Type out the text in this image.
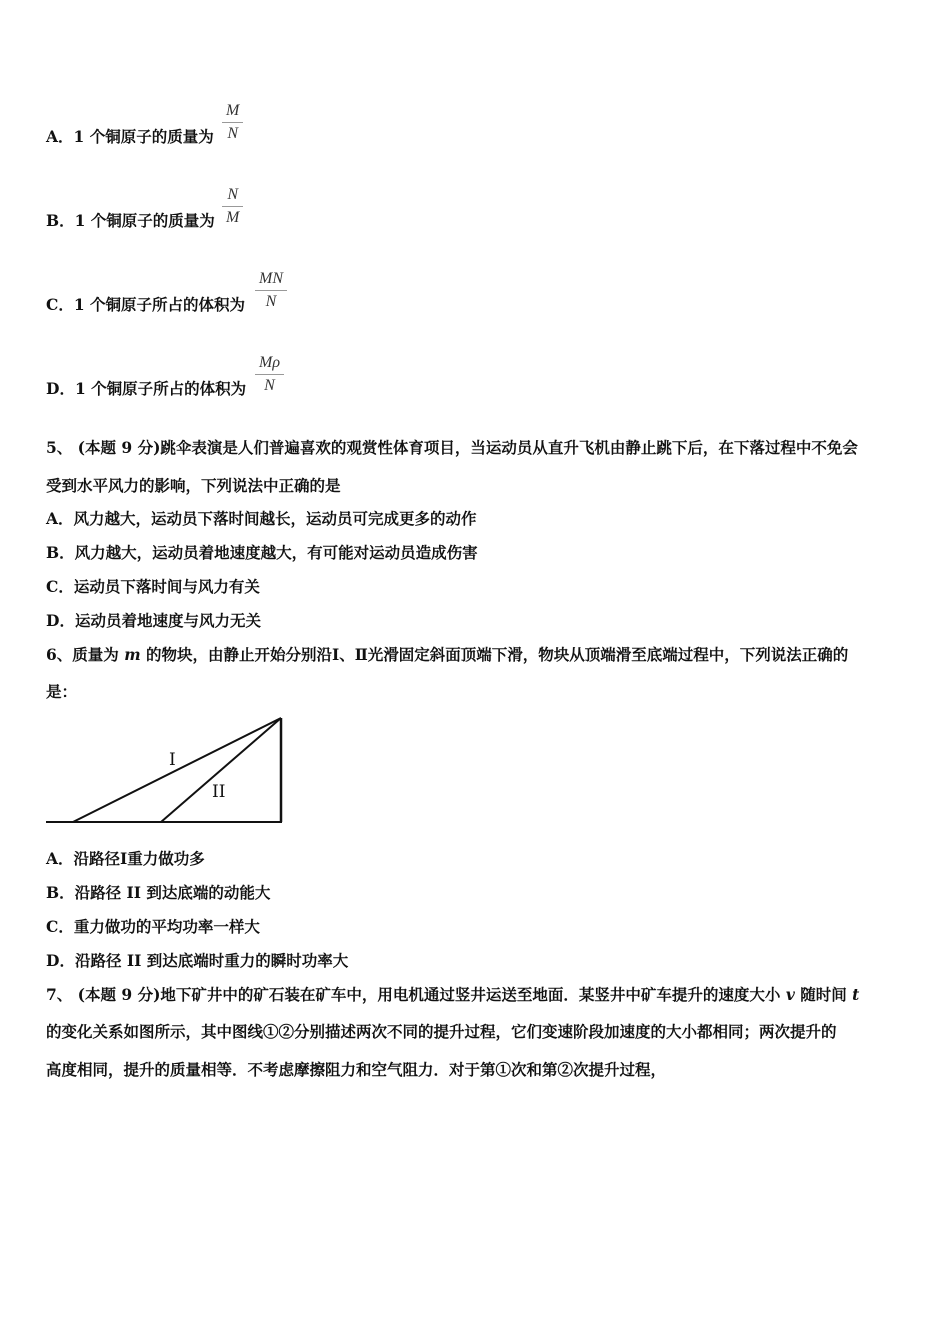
A．1 个铜原子的质量为
M
N
B．1 个铜原子的质量为
N
M
C．1 个铜原子所占的体积为
MN
N
D．1 个铜原子所占的体积为
Mρ
N
5、 (本题 9 分)跳伞表演是人们普遍喜欢的观赏性体育项目，当运动员从直升飞机由静止跳下后，在下落过程中不免会
受到水平风力的影响，下列说法中正确的是
A．风力越大，运动员下落时间越长，运动员可完成更多的动作
B．风力越大，运动员着地速度越大，有可能对运动员造成伤害
C．运动员下落时间与风力有关
D．运动员着地速度与风力无关
6、质量为 m 的物块，由静止开始分别沿Ⅰ、Ⅱ光滑固定斜面顶端下滑，物块从顶端滑至底端过程中，下列说法正确的
是：
I
II
A．沿路径Ⅰ重力做功多
B．沿路径 II 到达底端的动能大
C．重力做功的平均功率一样大
D．沿路径 II 到达底端时重力的瞬时功率大
7、 (本题 9 分)地下矿井中的矿石装在矿车中，用电机通过竖井运送至地面．某竖井中矿车提升的速度大小 v 随时间 t
的变化关系如图所示，其中图线①②分别描述两次不同的提升过程，它们变速阶段加速度的大小都相同；两次提升的
高度相同，提升的质量相等．不考虑摩擦阻力和空气阻力．对于第①次和第②次提升过程，
